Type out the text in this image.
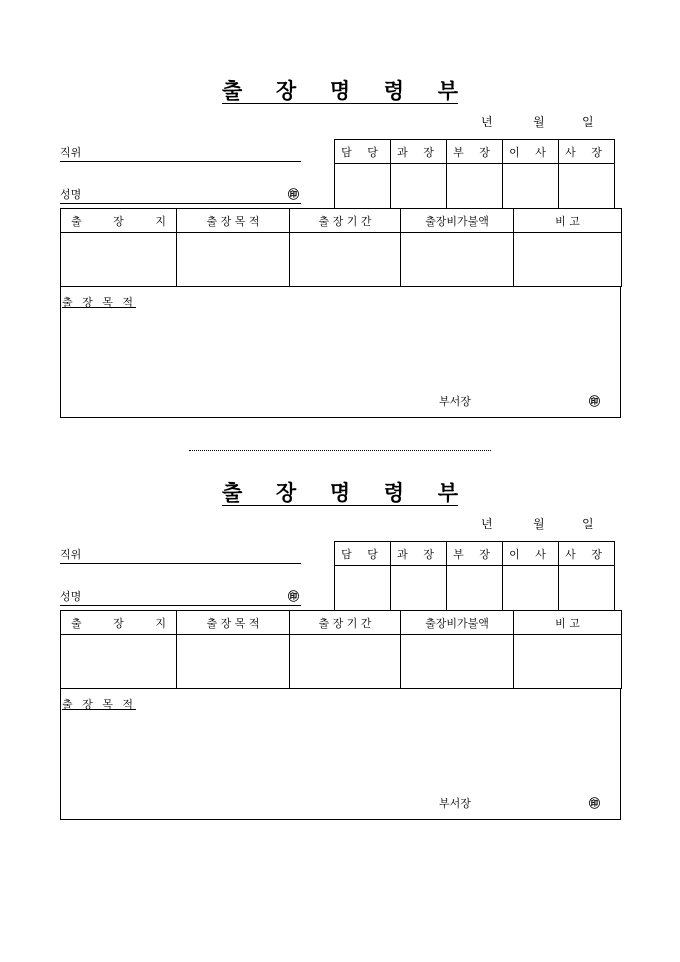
출 장 명 령 부
년	월	일
직위
성명	㊞
담 당	과 장	부 장	이 사	사 장

출 장 지	출 장 목 적	출 장 기 간	출장비가불액	비 고

출 장 목 적
부서장	㊞
출 장 명 령 부
년	월	일
직위
성명	㊞
담 당	과 장	부 장	이 사	사 장

출 장 지	출 장 목 적	출 장 기 간	출장비가불액	비 고

출 장 목 적
부서장	㊞
